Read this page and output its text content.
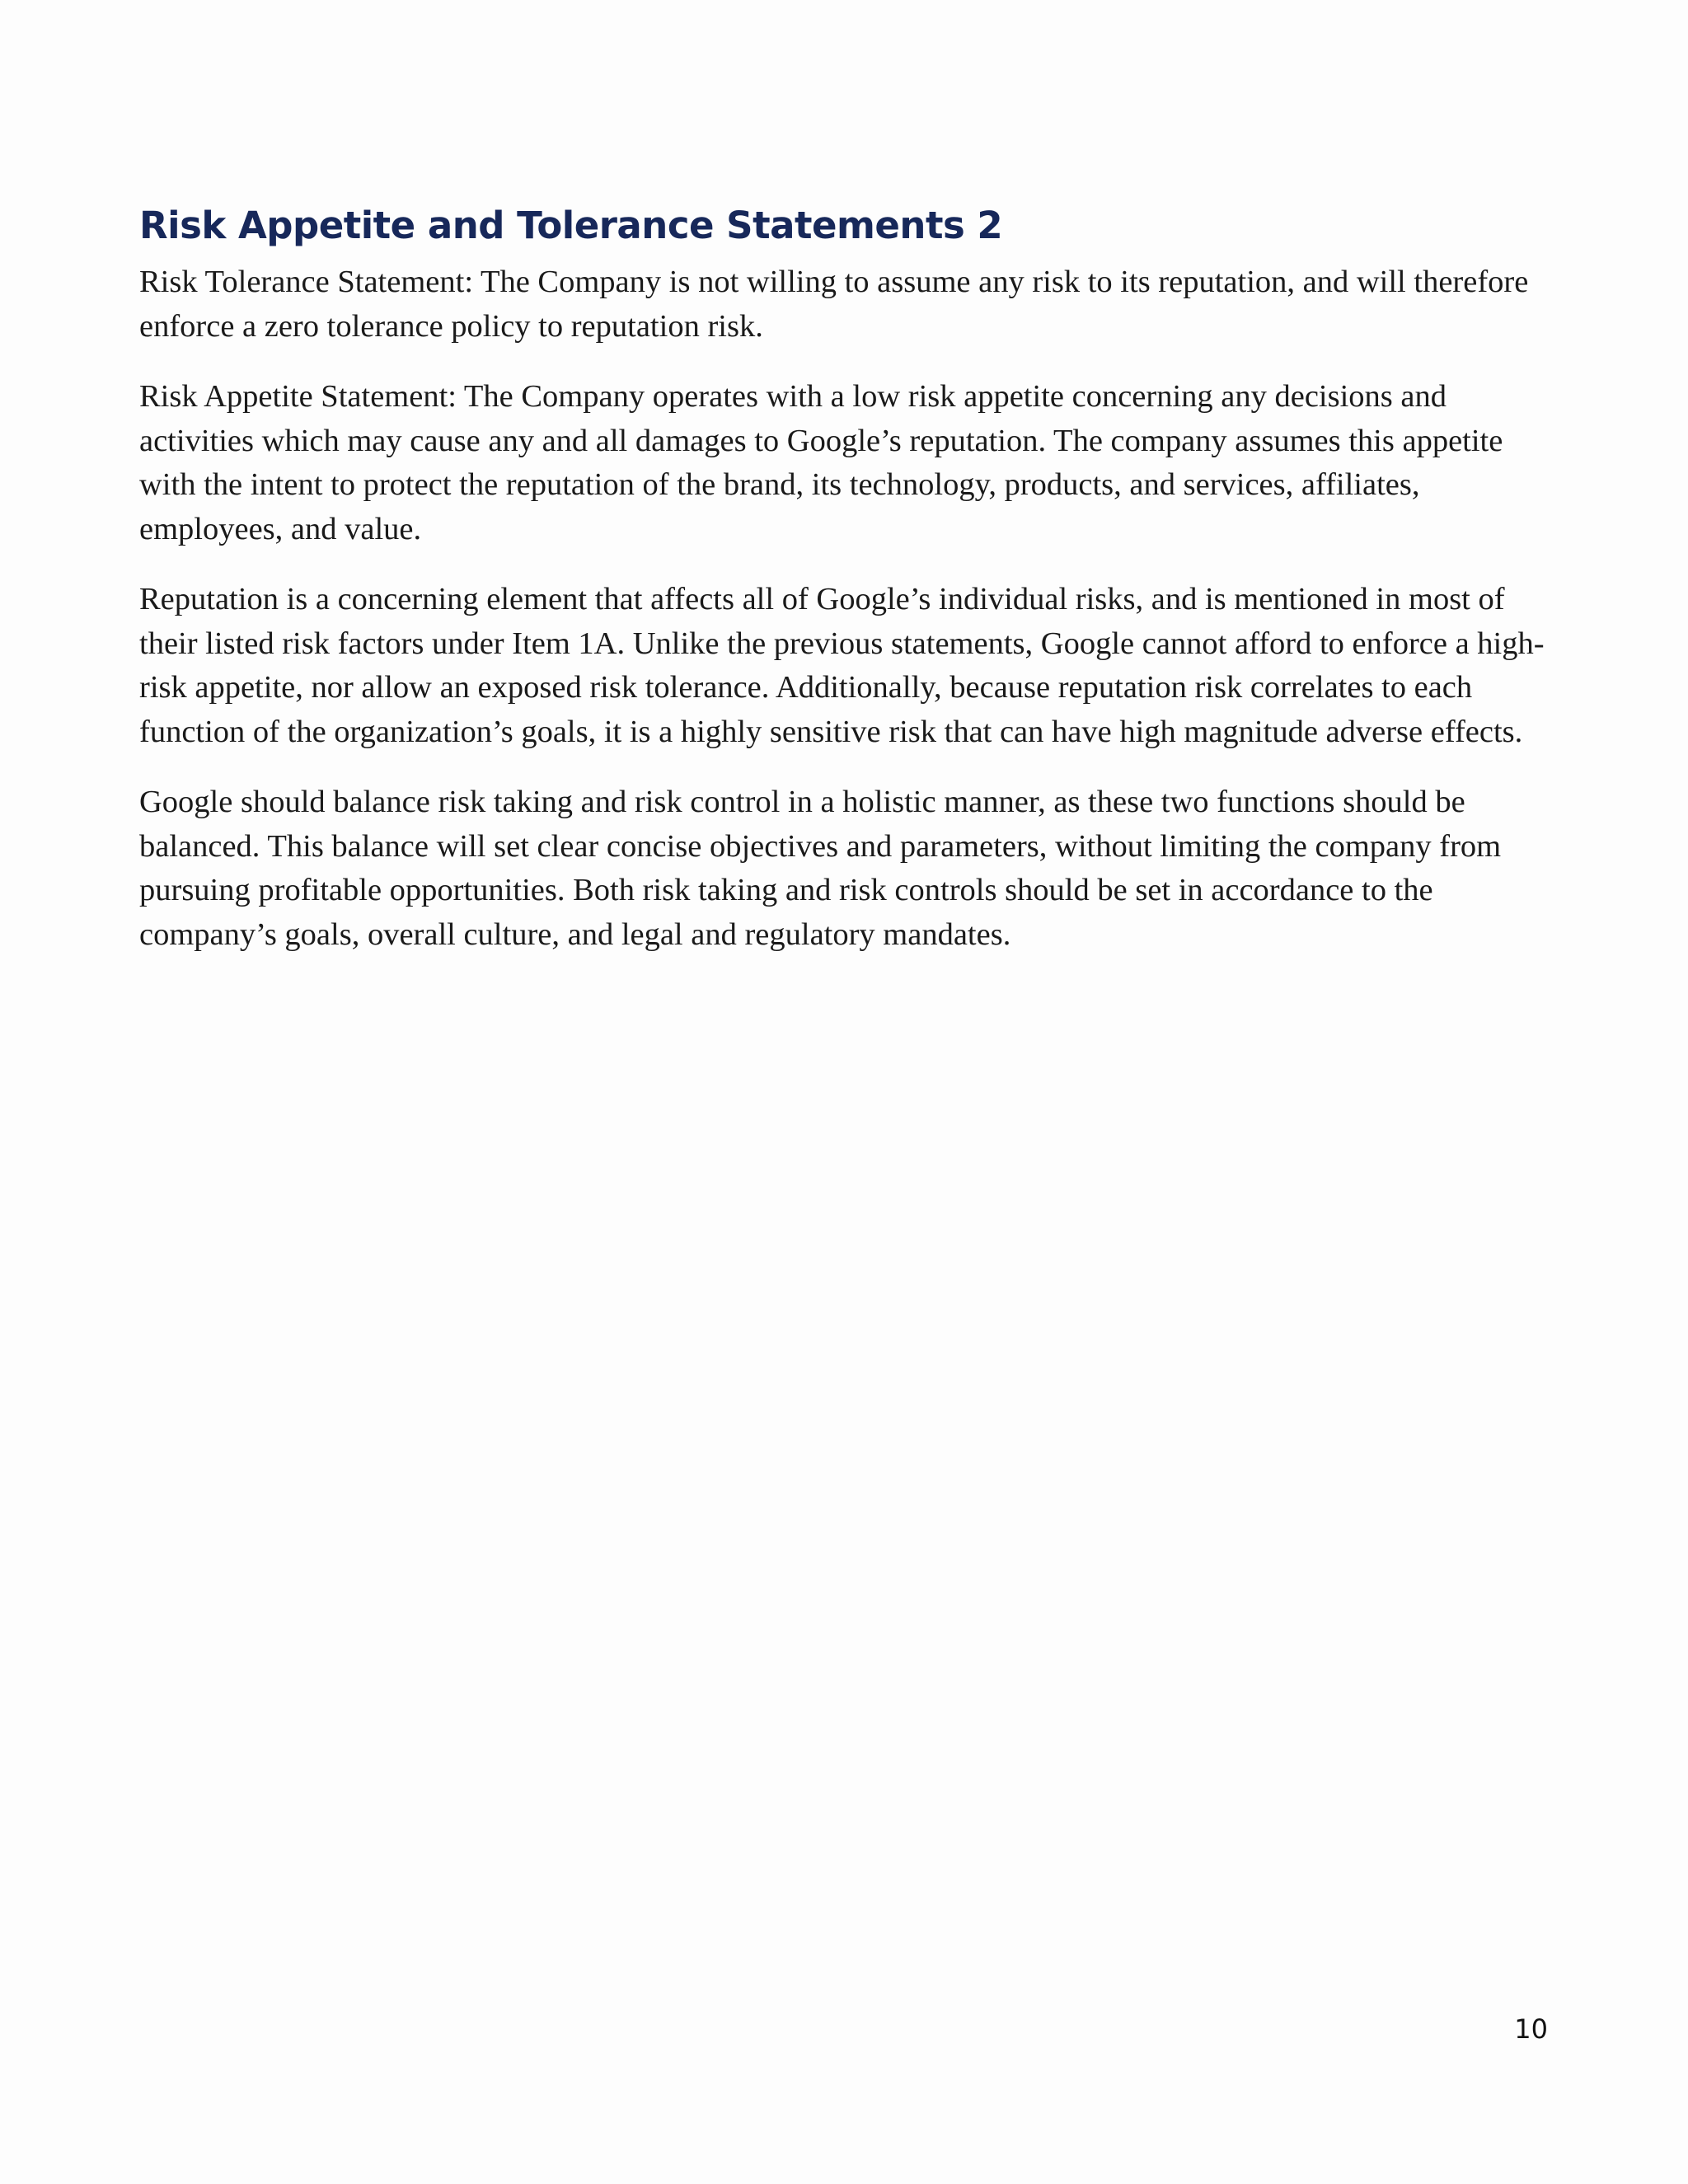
Risk Appetite and Tolerance Statements 2

Risk Tolerance Statement: The Company is not willing to assume any risk to its reputation, and will therefore enforce a zero tolerance policy to reputation risk.

Risk Appetite Statement: The Company operates with a low risk appetite concerning any decisions and activities which may cause any and all damages to Google’s reputation. The company assumes this appetite with the intent to protect the reputation of the brand, its technology, products, and services, affiliates, employees, and value.

Reputation is a concerning element that affects all of Google’s individual risks, and is mentioned in most of their listed risk factors under Item 1A. Unlike the previous statements, Google cannot afford to enforce a high-risk appetite, nor allow an exposed risk tolerance. Additionally, because reputation risk correlates to each function of the organization’s goals, it is a highly sensitive risk that can have high magnitude adverse effects.

Google should balance risk taking and risk control in a holistic manner, as these two functions should be balanced. This balance will set clear concise objectives and parameters, without limiting the company from pursuing profitable opportunities. Both risk taking and risk controls should be set in accordance to the company’s goals, overall culture, and legal and regulatory mandates.

10
